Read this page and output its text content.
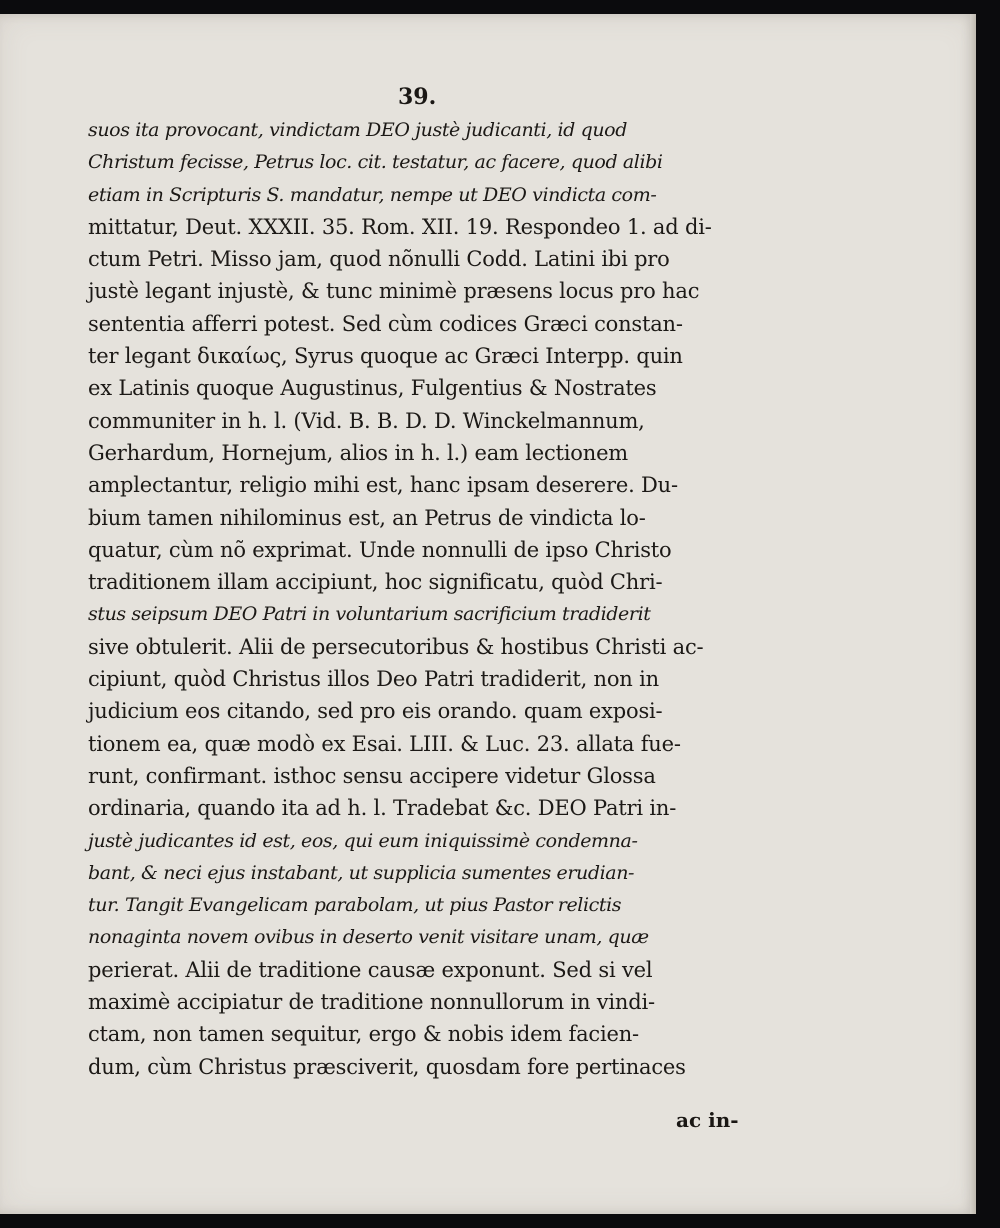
39.
suos ita provocant, vindictam DEO justè judicanti, id quod
Christum fecisse, Petrus loc. cit. testatur, ac facere, quod alibi
etiam in Scripturis S. mandatur, nempe ut DEO vindicta com-
mittatur, Deut. XXXII. 35. Rom. XII. 19. Respondeo 1. ad di-
ctum Petri. Misso jam, quod nõnulli Codd. Latini ibi pro
justè legant injustè, & tunc minimè præsens locus pro hac
sententia afferri potest. Sed cùm codices Græci constan-
ter legant δικαίως, Syrus quoque ac Græci Interpp. quin
ex Latinis quoque Augustinus, Fulgentius & Nostrates
communiter in h. l. (Vid. B. B. D. D. Winckelmannum,
Gerhardum, Hornejum, alios in h. l.) eam lectionem
amplectantur, religio mihi est, hanc ipsam deserere. Du-
bium tamen nihilominus est, an Petrus de vindicta lo-
quatur, cùm nõ exprimat. Unde nonnulli de ipso Christo
traditionem illam accipiunt, hoc significatu, quòd Chri-
stus seipsum DEO Patri in voluntarium sacrificium tradiderit
sive obtulerit. Alii de persecutoribus & hostibus Christi ac-
cipiunt, quòd Christus illos Deo Patri tradiderit, non in
judicium eos citando, sed pro eis orando. quam exposi-
tionem ea, quæ modò ex Esai. LIII. & Luc. 23. allata fue-
runt, confirmant. isthoc sensu accipere videtur Glossa
ordinaria, quando ita ad h. l. Tradebat &c. DEO Patri in-
justè judicantes id est, eos, qui eum iniquissimè condemna-
bant, & neci ejus instabant, ut supplicia sumentes erudian-
tur. Tangit Evangelicam parabolam, ut pius Pastor relictis
nonaginta novem ovibus in deserto venit visitare unam, quæ
perierat. Alii de traditione causæ exponunt. Sed si vel
maximè accipiatur de traditione nonnullorum in vindi-
ctam, non tamen sequitur, ergo & nobis idem facien-
dum, cùm Christus præsciverit, quosdam fore pertinaces
ac in-
